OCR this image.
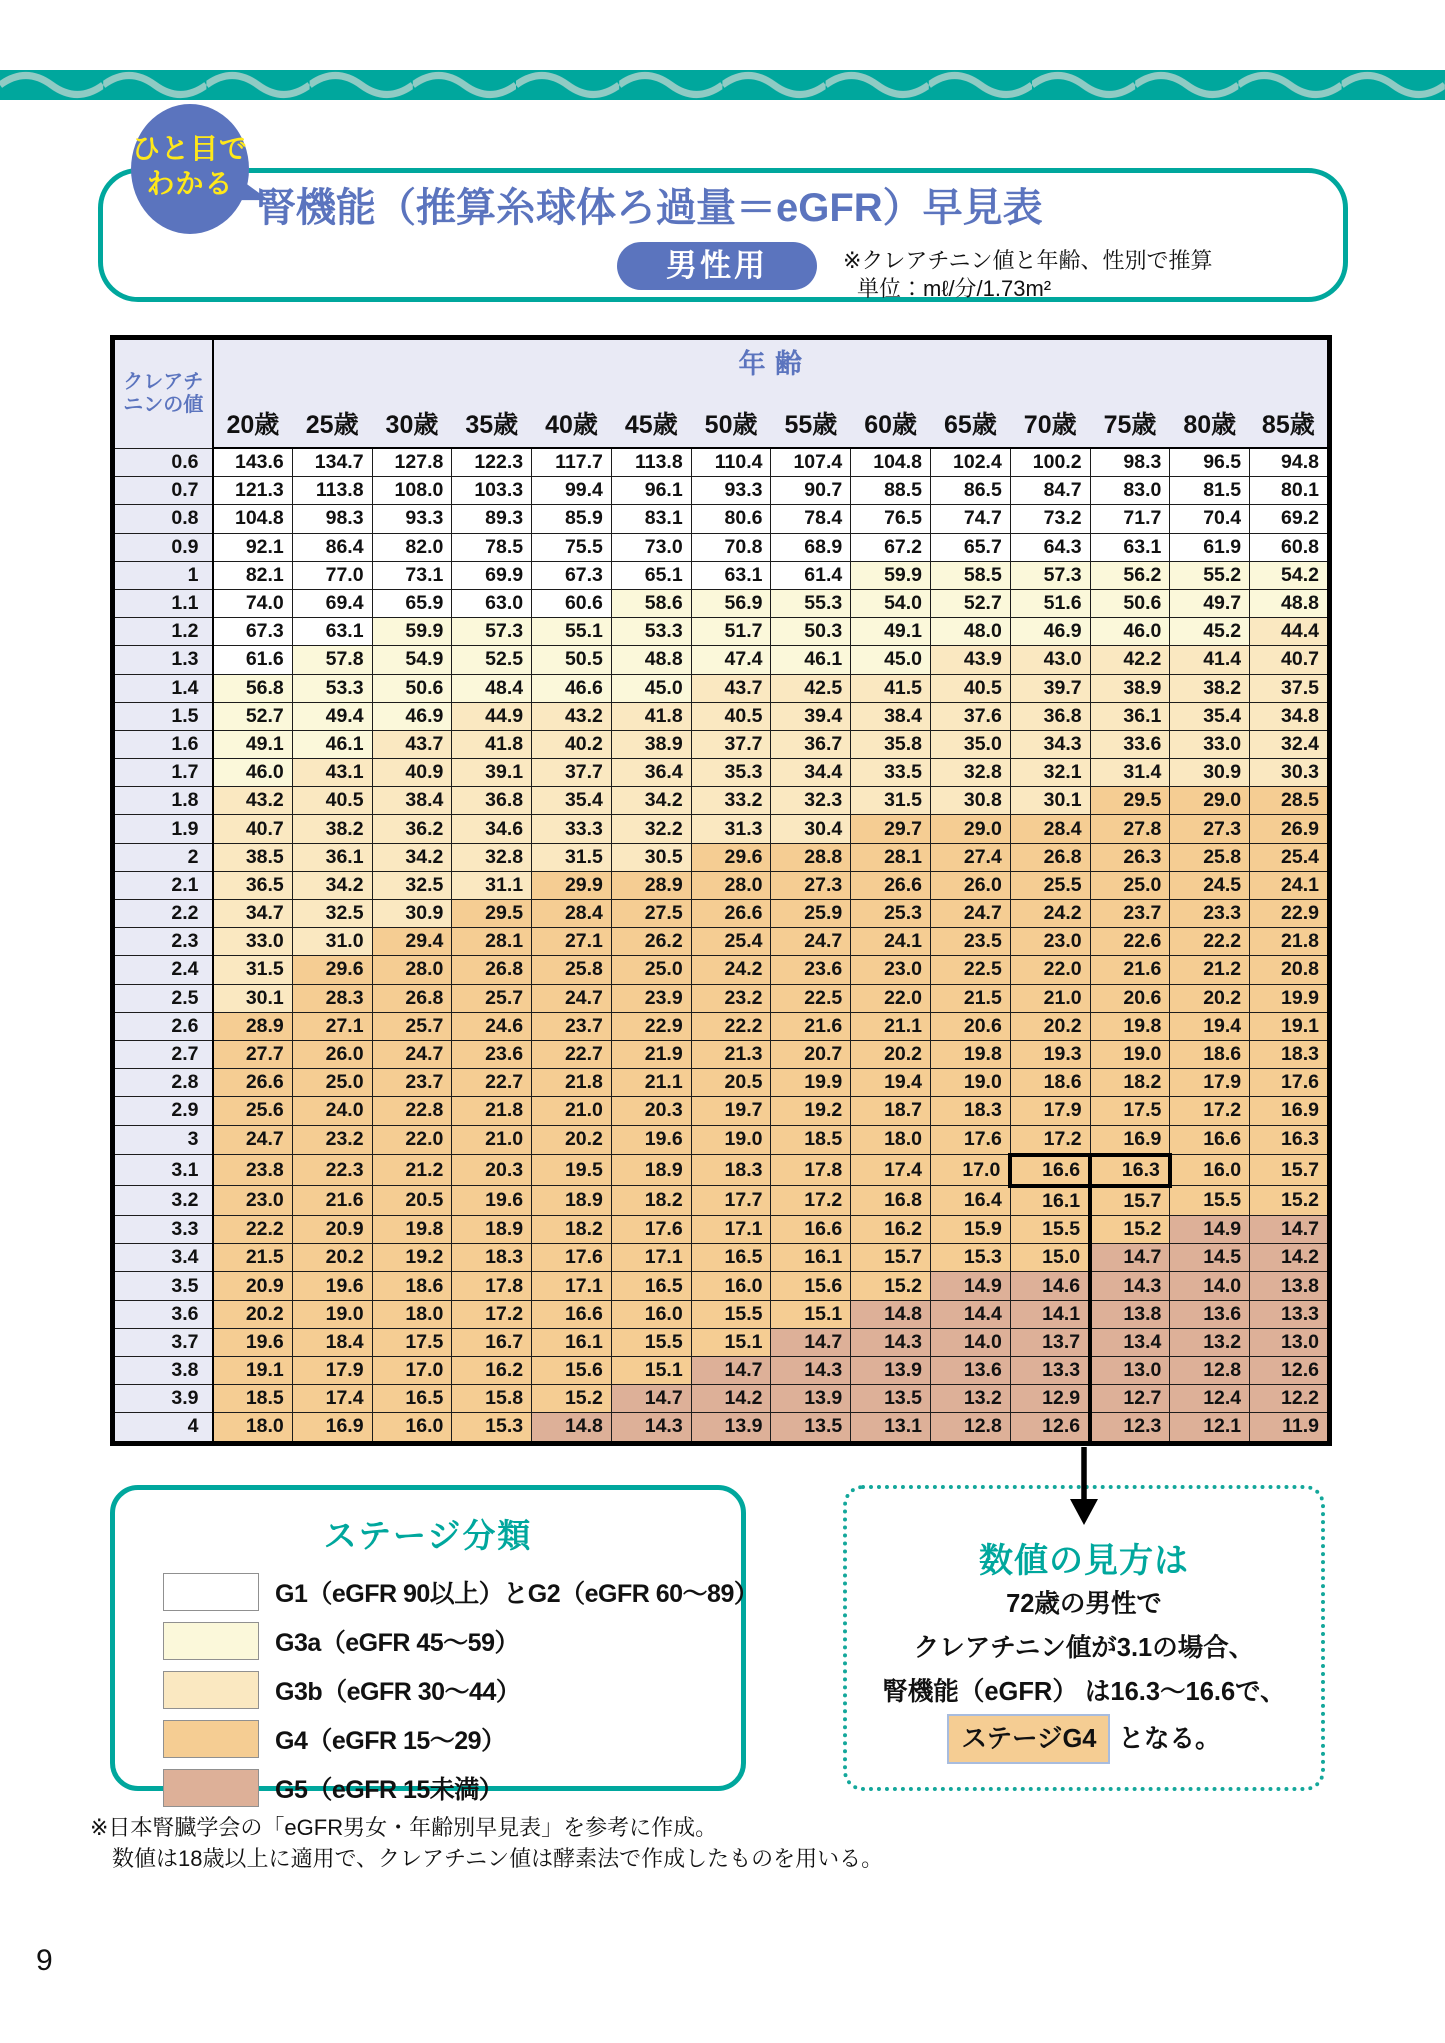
ひと目で
わかる
腎機能（推算糸球体ろ過量＝eGFR）早見表
男性用	※クレアチニン値と年齢、性別で推算
単位：mℓ/分/1.73m²
クレアチ
ニンの値	年齢													
	20歳	25歳	30歳	35歳	40歳	45歳	50歳	55歳	60歳	65歳	70歳	75歳	80歳	85歳
0.6	143.6	134.7	127.8	122.3	117.7	113.8	110.4	107.4	104.8	102.4	100.2	98.3	96.5	94.8
0.7	121.3	113.8	108.0	103.3	99.4	96.1	93.3	90.7	88.5	86.5	84.7	83.0	81.5	80.1
0.8	104.8	98.3	93.3	89.3	85.9	83.1	80.6	78.4	76.5	74.7	73.2	71.7	70.4	69.2
0.9	92.1	86.4	82.0	78.5	75.5	73.0	70.8	68.9	67.2	65.7	64.3	63.1	61.9	60.8
1	82.1	77.0	73.1	69.9	67.3	65.1	63.1	61.4	59.9	58.5	57.3	56.2	55.2	54.2
1.1	74.0	69.4	65.9	63.0	60.6	58.6	56.9	55.3	54.0	52.7	51.6	50.6	49.7	48.8
1.2	67.3	63.1	59.9	57.3	55.1	53.3	51.7	50.3	49.1	48.0	46.9	46.0	45.2	44.4
1.3	61.6	57.8	54.9	52.5	50.5	48.8	47.4	46.1	45.0	43.9	43.0	42.2	41.4	40.7
1.4	56.8	53.3	50.6	48.4	46.6	45.0	43.7	42.5	41.5	40.5	39.7	38.9	38.2	37.5
1.5	52.7	49.4	46.9	44.9	43.2	41.8	40.5	39.4	38.4	37.6	36.8	36.1	35.4	34.8
1.6	49.1	46.1	43.7	41.8	40.2	38.9	37.7	36.7	35.8	35.0	34.3	33.6	33.0	32.4
1.7	46.0	43.1	40.9	39.1	37.7	36.4	35.3	34.4	33.5	32.8	32.1	31.4	30.9	30.3
1.8	43.2	40.5	38.4	36.8	35.4	34.2	33.2	32.3	31.5	30.8	30.1	29.5	29.0	28.5
1.9	40.7	38.2	36.2	34.6	33.3	32.2	31.3	30.4	29.7	29.0	28.4	27.8	27.3	26.9
2	38.5	36.1	34.2	32.8	31.5	30.5	29.6	28.8	28.1	27.4	26.8	26.3	25.8	25.4
2.1	36.5	34.2	32.5	31.1	29.9	28.9	28.0	27.3	26.6	26.0	25.5	25.0	24.5	24.1
2.2	34.7	32.5	30.9	29.5	28.4	27.5	26.6	25.9	25.3	24.7	24.2	23.7	23.3	22.9
2.3	33.0	31.0	29.4	28.1	27.1	26.2	25.4	24.7	24.1	23.5	23.0	22.6	22.2	21.8
2.4	31.5	29.6	28.0	26.8	25.8	25.0	24.2	23.6	23.0	22.5	22.0	21.6	21.2	20.8
2.5	30.1	28.3	26.8	25.7	24.7	23.9	23.2	22.5	22.0	21.5	21.0	20.6	20.2	19.9
2.6	28.9	27.1	25.7	24.6	23.7	22.9	22.2	21.6	21.1	20.6	20.2	19.8	19.4	19.1
2.7	27.7	26.0	24.7	23.6	22.7	21.9	21.3	20.7	20.2	19.8	19.3	19.0	18.6	18.3
2.8	26.6	25.0	23.7	22.7	21.8	21.1	20.5	19.9	19.4	19.0	18.6	18.2	17.9	17.6
2.9	25.6	24.0	22.8	21.8	21.0	20.3	19.7	19.2	18.7	18.3	17.9	17.5	17.2	16.9
3	24.7	23.2	22.0	21.0	20.2	19.6	19.0	18.5	18.0	17.6	17.2	16.9	16.6	16.3
3.1	23.8	22.3	21.2	20.3	19.5	18.9	18.3	17.8	17.4	17.0	16.6	16.3	16.0	15.7
3.2	23.0	21.6	20.5	19.6	18.9	18.2	17.7	17.2	16.8	16.4	16.1	15.7	15.5	15.2
3.3	22.2	20.9	19.8	18.9	18.2	17.6	17.1	16.6	16.2	15.9	15.5	15.2	14.9	14.7
3.4	21.5	20.2	19.2	18.3	17.6	17.1	16.5	16.1	15.7	15.3	15.0	14.7	14.5	14.2
3.5	20.9	19.6	18.6	17.8	17.1	16.5	16.0	15.6	15.2	14.9	14.6	14.3	14.0	13.8
3.6	20.2	19.0	18.0	17.2	16.6	16.0	15.5	15.1	14.8	14.4	14.1	13.8	13.6	13.3
3.7	19.6	18.4	17.5	16.7	16.1	15.5	15.1	14.7	14.3	14.0	13.7	13.4	13.2	13.0
3.8	19.1	17.9	17.0	16.2	15.6	15.1	14.7	14.3	13.9	13.6	13.3	13.0	12.8	12.6
3.9	18.5	17.4	16.5	15.8	15.2	14.7	14.2	13.9	13.5	13.2	12.9	12.7	12.4	12.2
4	18.0	16.9	16.0	15.3	14.8	14.3	13.9	13.5	13.1	12.8	12.6	12.3	12.1	11.9
ステージ分類
G1（eGFR 90以上）とG2（eGFR 60～89）
G3a（eGFR 45～59）
G3b（eGFR 30～44）
G4（eGFR 15～29）
G5（eGFR 15未満）
数値の見方は
72歳の男性で
クレアチニン値が3.1の場合、
腎機能（eGFR） は16.3～16.6で、
ステージG4 となる。
※日本腎臓学会の「eGFR男女・年齢別早見表」を参考に作成。
数値は18歳以上に適用で、クレアチニン値は酵素法で作成したものを用いる。
9
